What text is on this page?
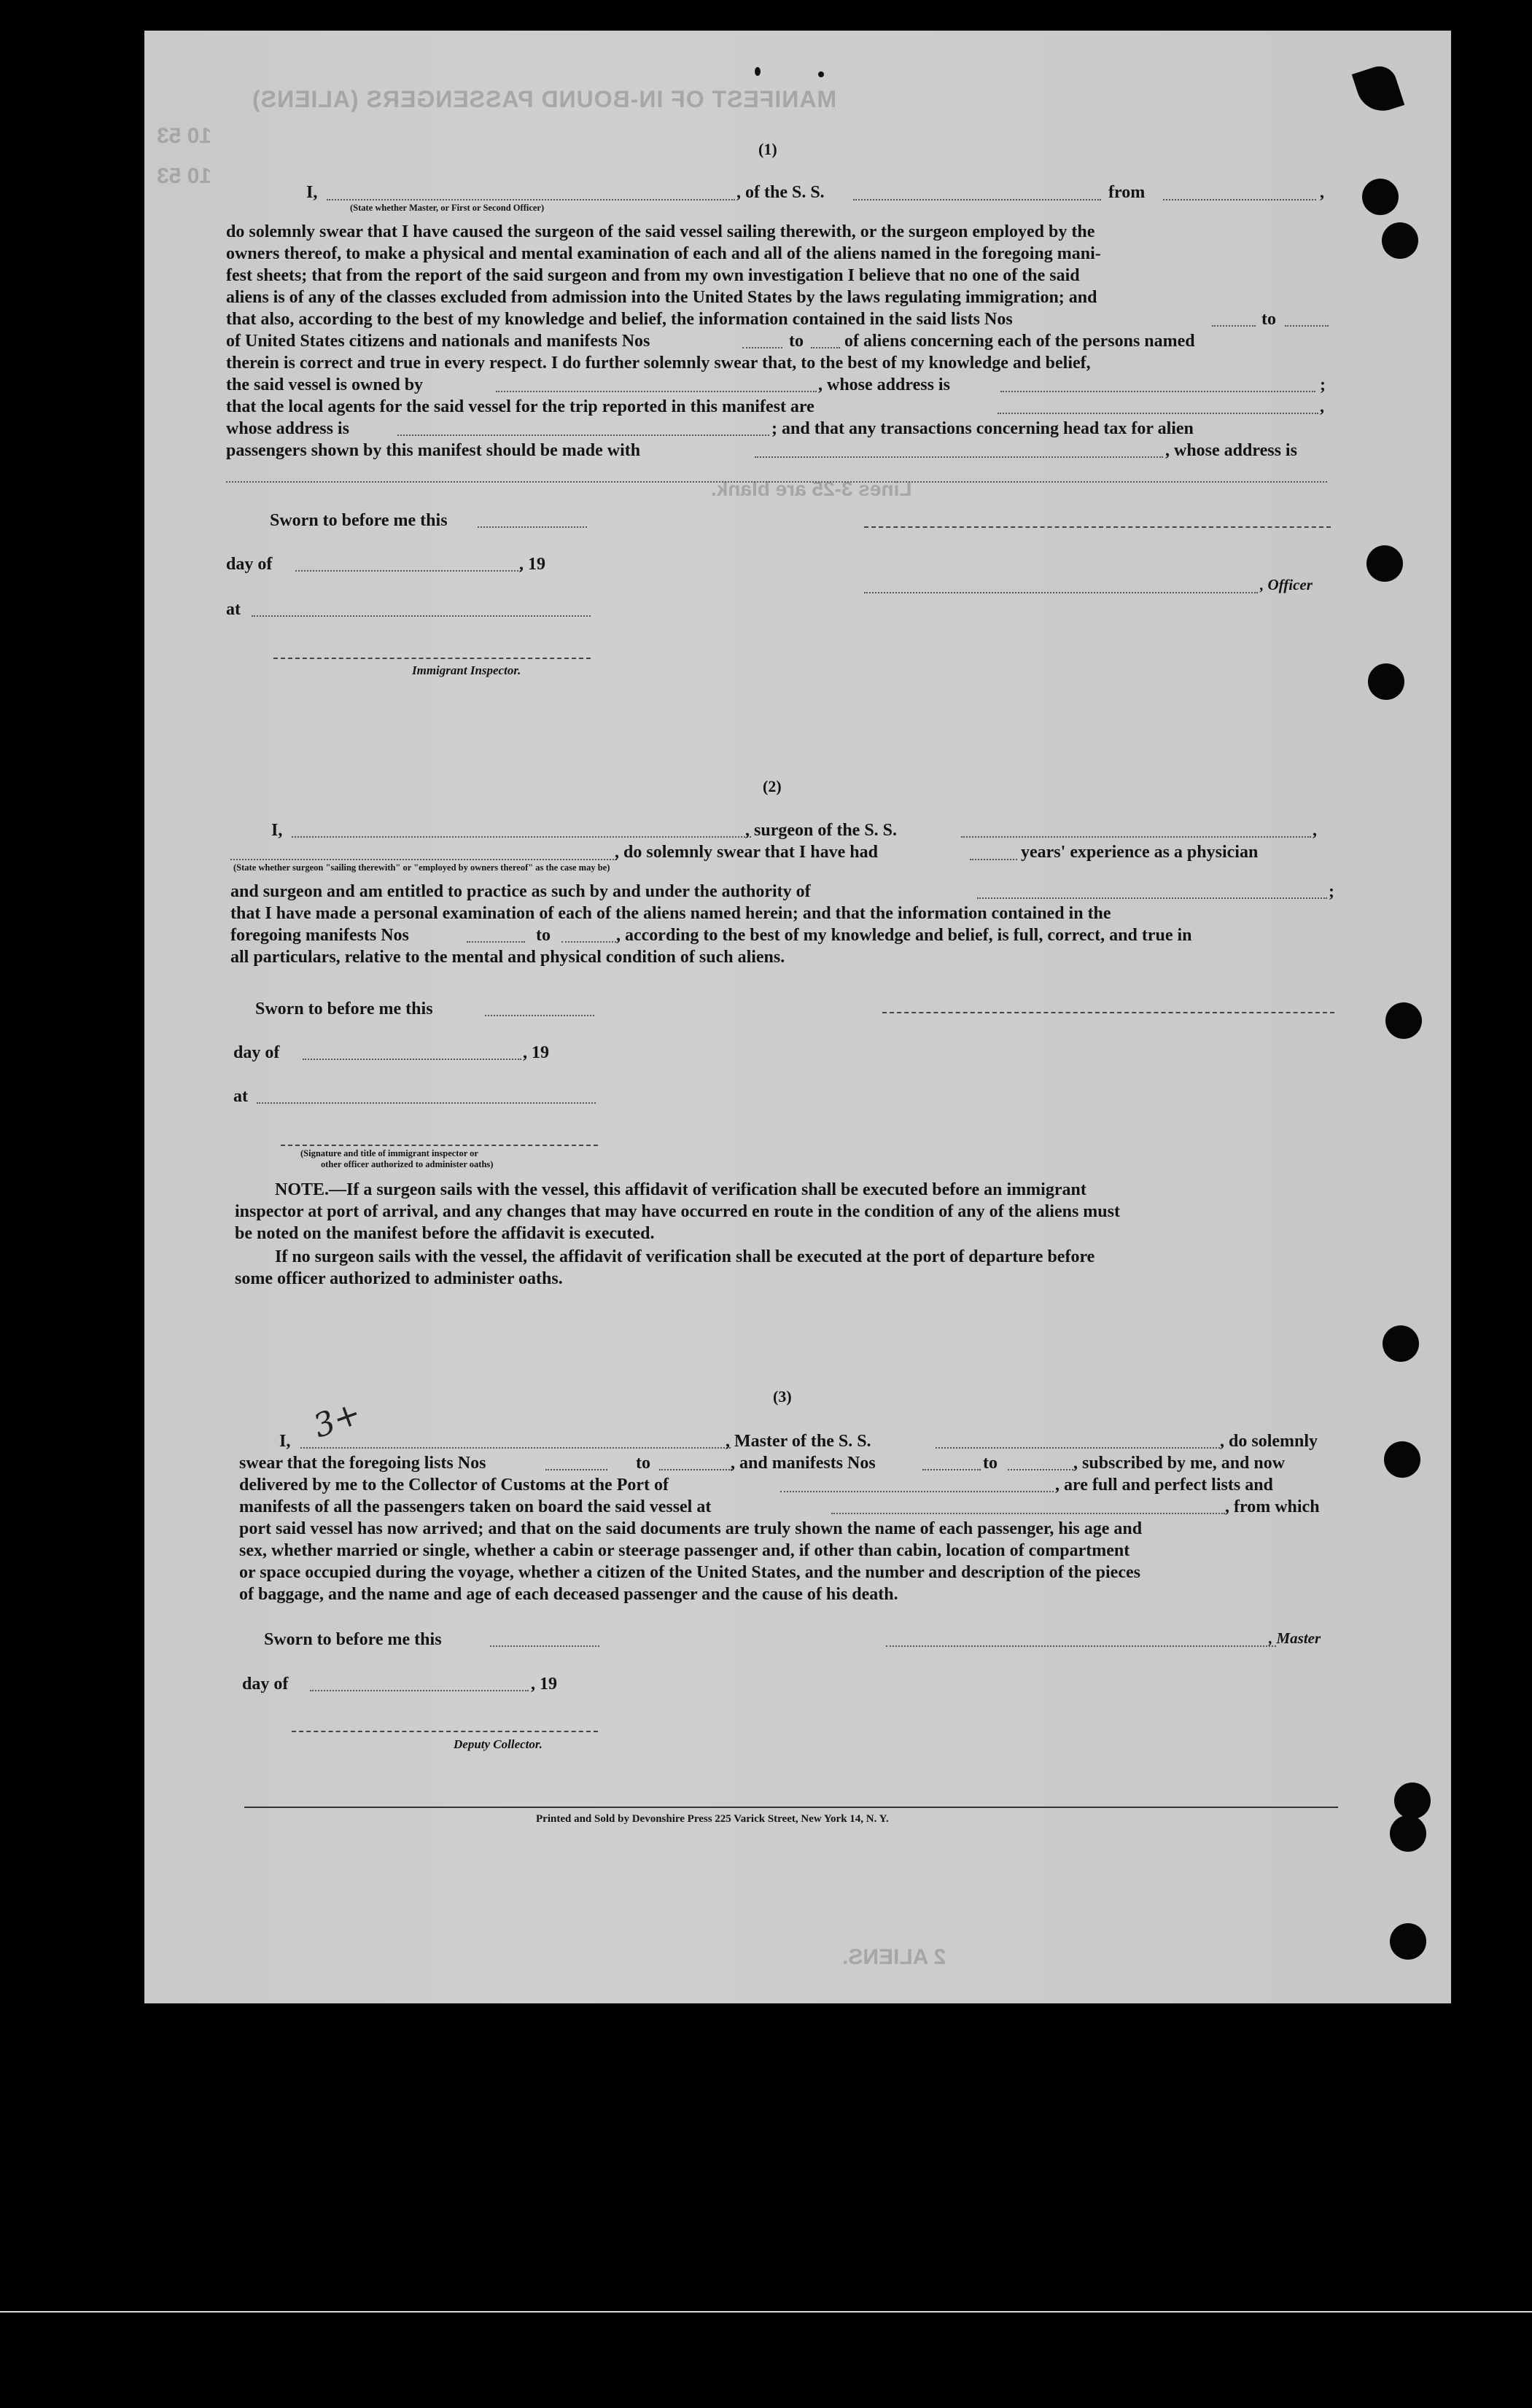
MANIFEST OF IN-BOUND PASSENGERS (ALIENS)
10 53
10 53
Lines 3-25 are blank.
2 ALIENS.
(1)
I,	, of the S. S.	from	,
(State whether Master, or First or Second Officer)
do solemnly swear that I have caused the surgeon of the said vessel sailing therewith, or the surgeon employed by the
owners thereof, to make a physical and mental examination of each and all of the aliens named in the foregoing mani-
fest sheets; that from the report of the said surgeon and from my own investigation I believe that no one of the said
aliens is of any of the classes excluded from admission into the United States by the laws regulating immigration; and
that also, according to the best of my knowledge and belief, the information contained in the said lists Nos	to
of United States citizens and nationals and manifests Nos	to of aliens concerning each of the persons named
therein is correct and true in every respect. I do further solemnly swear that, to the best of my knowledge and belief,
the said vessel is owned by	, whose address is	;
that the local agents for the said vessel for the trip reported in this manifest are	,
whose address is	; and that any transactions concerning head tax for alien
passengers shown by this manifest should be made with	, whose address is
Sworn to before me this
day of	, 19
, Officer
at
Immigrant Inspector.
(2)
I,	, surgeon of the S. S.	,
, do solemnly swear that I have had	years' experience as a physician
(State whether surgeon "sailing therewith" or "employed by owners thereof" as the case may be)
and surgeon and am entitled to practice as such by and under the authority of	;
that I have made a personal examination of each of the aliens named herein; and that the information contained in the
foregoing manifests Nos	to	, according to the best of my knowledge and belief, is full, correct, and true in
all particulars, relative to the mental and physical condition of such aliens.
Sworn to before me this
day of	, 19
at
(Signature and title of immigrant inspector or
other officer authorized to administer oaths)
NOTE.—If a surgeon sails with the vessel, this affidavit of verification shall be executed before an immigrant
inspector at port of arrival, and any changes that may have occurred en route in the condition of any of the aliens must
be noted on the manifest before the affidavit is executed.
If no surgeon sails with the vessel, the affidavit of verification shall be executed at the port of departure before
some officer authorized to administer oaths.
(3)
3+
I,	, Master of the S. S.	, do solemnly
swear that the foregoing lists Nos	to	, and manifests Nos	to	, subscribed by me, and now
delivered by me to the Collector of Customs at the Port of	, are full and perfect lists and
manifests of all the passengers taken on board the said vessel at	, from which
port said vessel has now arrived; and that on the said documents are truly shown the name of each passenger, his age and
sex, whether married or single, whether a cabin or steerage passenger and, if other than cabin, location of compartment
or space occupied during the voyage, whether a citizen of the United States, and the number and description of the pieces
of baggage, and the name and age of each deceased passenger and the cause of his death.
Sworn to before me this	, Master
day of	, 19
Deputy Collector.
Printed and Sold by Devonshire Press 225 Varick Street, New York 14, N. Y.
